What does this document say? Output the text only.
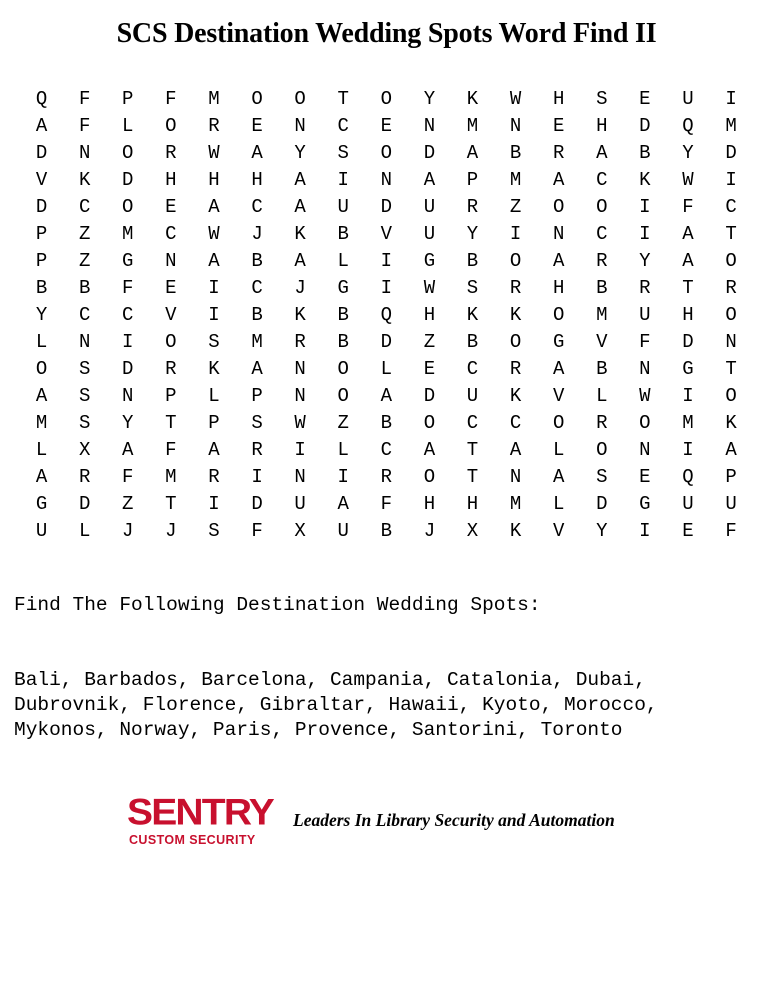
SCS Destination Wedding Spots Word Find II
Q	F	P	F	M	O	O	T	O	Y	K	W	H	S	E	U	I
A	F	L	O	R	E	N	C	E	N	M	N	E	H	D	Q	M
D	N	O	R	W	A	Y	S	O	D	A	B	R	A	B	Y	D
V	K	D	H	H	H	A	I	N	A	P	M	A	C	K	W	I
D	C	O	E	A	C	A	U	D	U	R	Z	O	O	I	F	C
P	Z	M	C	W	J	K	B	V	U	Y	I	N	C	I	A	T
P	Z	G	N	A	B	A	L	I	G	B	O	A	R	Y	A	O
B	B	F	E	I	C	J	G	I	W	S	R	H	B	R	T	R
Y	C	C	V	I	B	K	B	Q	H	K	K	O	M	U	H	O
L	N	I	O	S	M	R	B	D	Z	B	O	G	V	F	D	N
O	S	D	R	K	A	N	O	L	E	C	R	A	B	N	G	T
A	S	N	P	L	P	N	O	A	D	U	K	V	L	W	I	O
M	S	Y	T	P	S	W	Z	B	O	C	C	O	R	O	M	K
L	X	A	F	A	R	I	L	C	A	T	A	L	O	N	I	A
A	R	F	M	R	I	N	I	R	O	T	N	A	S	E	Q	P
G	D	Z	T	I	D	U	A	F	H	H	M	L	D	G	U	U
U	L	J	J	S	F	X	U	B	J	X	K	V	Y	I	E	F
Find The Following Destination Wedding Spots:
Bali, Barbados, Barcelona, Campania, Catalonia, Dubai,
Dubrovnik, Florence, Gibraltar, Hawaii, Kyoto, Morocco,
Mykonos, Norway, Paris, Provence, Santorini, Toronto
SENTRY
CUSTOM SECURITY
Leaders In Library Security and Automation
